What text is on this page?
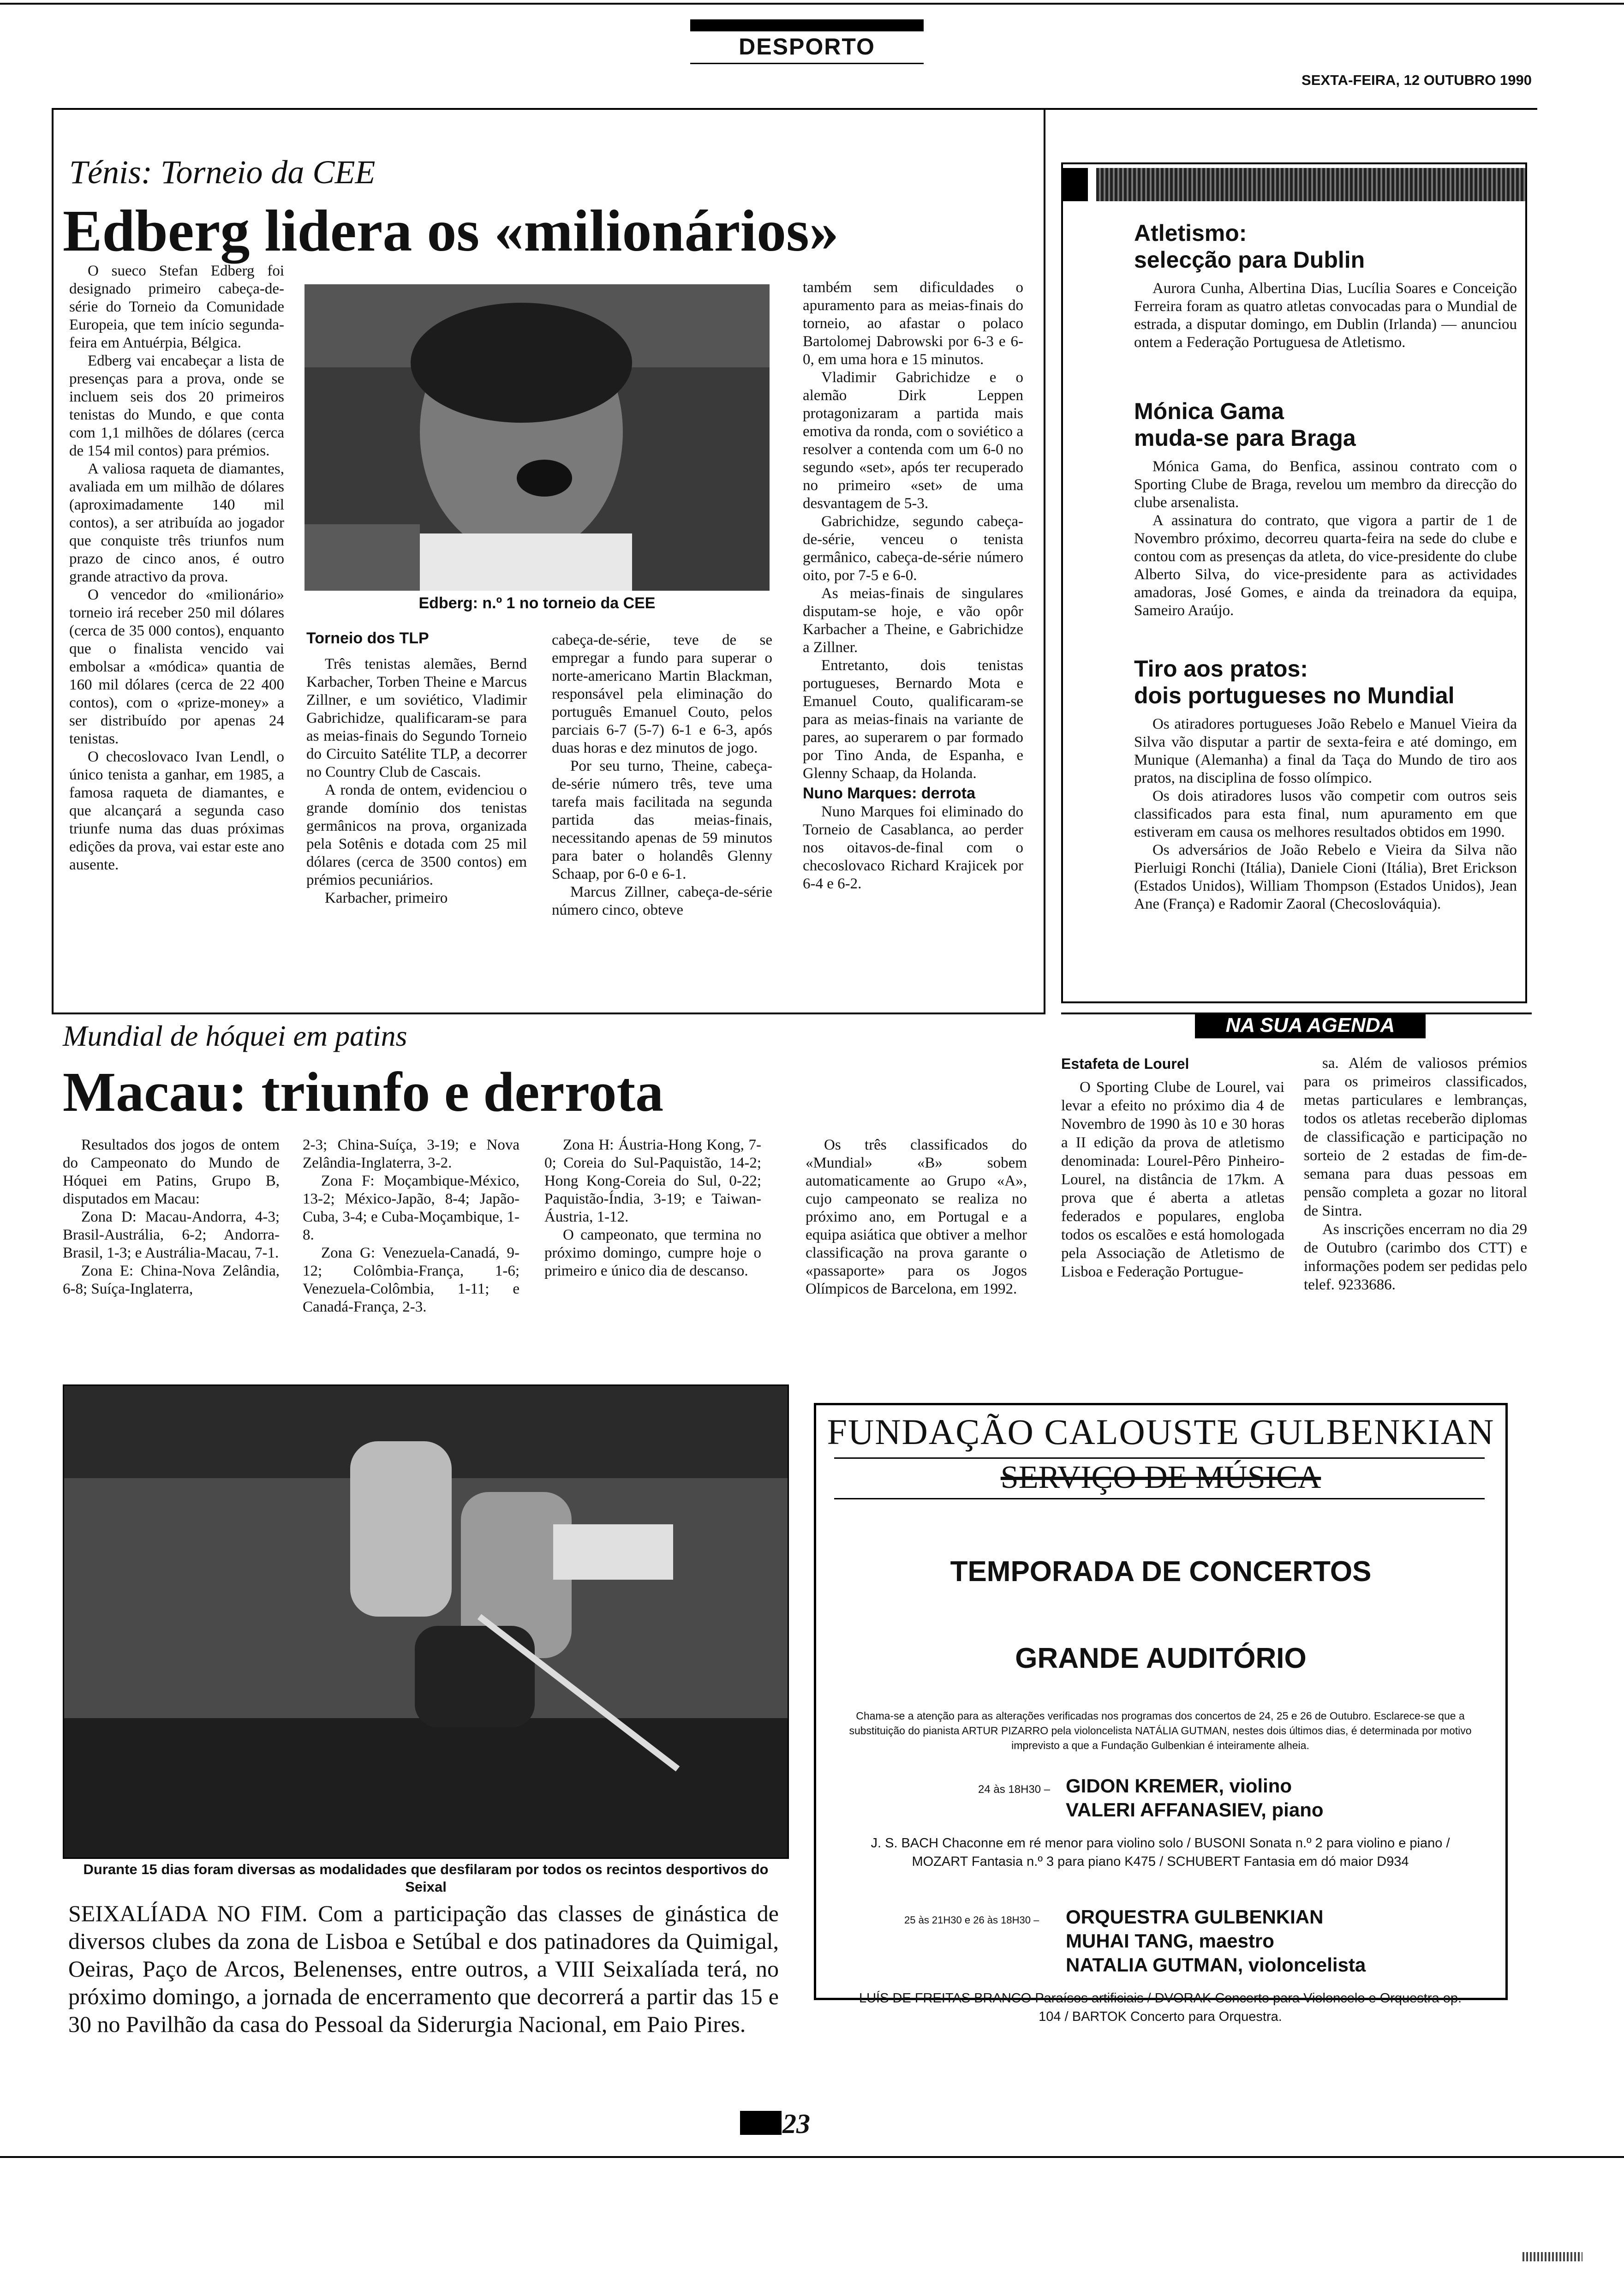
DESPORTO
SEXTA-FEIRA, 12 OUTUBRO 1990
Ténis: Torneio da CEE
Edberg lidera os «milionários»

O sueco Stefan Edberg foi designado primeiro cabeça-de-série do Torneio da Comunidade Europeia, que tem início segunda-feira em Antuérpia, Bélgica.

Edberg vai encabeçar a lista de presenças para a prova, onde se incluem seis dos 20 primeiros tenistas do Mundo, e que conta com 1,1 milhões de dólares (cerca de 154 mil contos) para prémios.

A valiosa raqueta de diamantes, avaliada em um milhão de dólares (aproximadamente 140 mil contos), a ser atribuída ao jogador que conquiste três triunfos num prazo de cinco anos, é outro grande atractivo da prova.

O vencedor do «milionário» torneio irá receber 250 mil dólares (cerca de 35 000 contos), enquanto que o finalista vencido vai embolsar a «módica» quantia de 160 mil dólares (cerca de 22 400 contos), com o «prize-money» a ser distribuído por apenas 24 tenistas.

O checoslovaco Ivan Lendl, o único tenista a ganhar, em 1985, a famosa raqueta de diamantes, e que alcançará a segunda caso triunfe numa das duas próximas edições da prova, vai estar este ano ausente.

Edberg: n.º 1 no torneio da CEE
Torneio dos TLP

Três tenistas alemães, Bernd Karbacher, Torben Theine e Marcus Zillner, e um soviético, Vladimir Gabrichidze, qualificaram-se para as meias-finais do Segundo Torneio do Circuito Satélite TLP, a decorrer no Country Club de Cascais.

A ronda de ontem, evidenciou o grande domínio dos tenistas germânicos na prova, organizada pela Sotênis e dotada com 25 mil dólares (cerca de 3500 contos) em prémios pecuniários.

Karbacher, primeiro

cabeça-de-série, teve de se empregar a fundo para superar o norte-americano Martin Blackman, responsável pela eliminação do português Emanuel Couto, pelos parciais 6-7 (5-7) 6-1 e 6-3, após duas horas e dez minutos de jogo.

Por seu turno, Theine, cabeça-de-série número três, teve uma tarefa mais facilitada na segunda partida das meias-finais, necessitando apenas de 59 minutos para bater o holandês Glenny Schaap, por 6-0 e 6-1.

Marcus Zillner, cabeça-de-série número cinco, obteve

também sem dificuldades o apuramento para as meias-finais do torneio, ao afastar o polaco Bartolomej Dabrowski por 6-3 e 6-0, em uma hora e 15 minutos.

Vladimir Gabrichidze e o alemão Dirk Leppen protagonizaram a partida mais emotiva da ronda, com o soviético a resolver a contenda com um 6-0 no segundo «set», após ter recuperado no primeiro «set» de uma desvantagem de 5-3.

Gabrichidze, segundo cabeça-de-série, venceu o tenista germânico, cabeça-de-série número oito, por 7-5 e 6-0.

As meias-finais de singulares disputam-se hoje, e vão opôr Karbacher a Theine, e Gabrichidze a Zillner.

Entretanto, dois tenistas portugueses, Bernardo Mota e Emanuel Couto, qualificaram-se para as meias-finais na variante de pares, ao superarem o par formado por Tino Anda, de Espanha, e Glenny Schaap, da Holanda.

Nuno Marques: derrota

Nuno Marques foi eliminado do Torneio de Casablanca, ao perder nos oitavos-de-final com o checoslovaco Richard Krajicek por 6-4 e 6-2.

Atletismo:
selecção para Dublin

Aurora Cunha, Albertina Dias, Lucília Soares e Conceição Ferreira foram as quatro atletas convocadas para o Mundial de estrada, a disputar domingo, em Dublin (Irlanda) — anunciou ontem a Federação Portuguesa de Atletismo.

Mónica Gama
muda-se para Braga

Mónica Gama, do Benfica, assinou contrato com o Sporting Clube de Braga, revelou um membro da direcção do clube arsenalista.

A assinatura do contrato, que vigora a partir de 1 de Novembro próximo, decorreu quarta-feira na sede do clube e contou com as presenças da atleta, do vice-presidente do clube Alberto Silva, do vice-presidente para as actividades amadoras, José Gomes, e ainda da treinadora da equipa, Sameiro Araújo.

Tiro aos pratos:
dois portugueses no Mundial

Os atiradores portugueses João Rebelo e Manuel Vieira da Silva vão disputar a partir de sexta-feira e até domingo, em Munique (Alemanha) a final da Taça do Mundo de tiro aos pratos, na disciplina de fosso olímpico.

Os dois atiradores lusos vão competir com outros seis classificados para esta final, num apuramento em que estiveram em causa os melhores resultados obtidos em 1990.

Os adversários de João Rebelo e Vieira da Silva não Pierluigi Ronchi (Itália), Daniele Cioni (Itália), Bret Erickson (Estados Unidos), William Thompson (Estados Unidos), Jean Ane (França) e Radomir Zaoral (Checoslováquia).

Mundial de hóquei em patins
Macau: triunfo e derrota

Resultados dos jogos de ontem do Campeonato do Mundo de Hóquei em Patins, Grupo B, disputados em Macau:

Zona D: Macau-Andorra, 4-3; Brasil-Austrália, 6-2; Andorra-Brasil, 1-3; e Austrália-Macau, 7-1.

Zona E: China-Nova Zelândia, 6-8; Suíça-Inglaterra,

2-3; China-Suíça, 3-19; e Nova Zelândia-Inglaterra, 3-2.

Zona F: Moçambique-México, 13-2; México-Japão, 8-4; Japão-Cuba, 3-4; e Cuba-Moçambique, 1-8.

Zona G: Venezuela-Canadá, 9-12; Colômbia-França, 1-6; Venezuela-Colômbia, 1-11; e Canadá-França, 2-3.

Zona H: Áustria-Hong Kong, 7-0; Coreia do Sul-Paquistão, 14-2; Hong Kong-Coreia do Sul, 0-22; Paquistão-Índia, 3-19; e Taiwan-Áustria, 1-12.

O campeonato, que termina no próximo domingo, cumpre hoje o primeiro e único dia de descanso.

Os três classificados do «Mundial» «B» sobem automaticamente ao Grupo «A», cujo campeonato se realiza no próximo ano, em Portugal e a equipa asiática que obtiver a melhor classificação na prova garante o «passaporte» para os Jogos Olímpicos de Barcelona, em 1992.

NA SUA AGENDA
Estafeta de Lourel

O Sporting Clube de Lourel, vai levar a efeito no próximo dia 4 de Novembro de 1990 às 10 e 30 horas a II edição da prova de atletismo denominada: Lourel-Pêro Pinheiro-Lourel, na distância de 17km. A prova que é aberta a atletas federados e populares, engloba todos os escalões e está homologada pela Associação de Atletismo de Lisboa e Federação Portugue-

sa. Além de valiosos prémios para os primeiros classificados, metas particulares e lembranças, todos os atletas receberão diplomas de classificação e participação no sorteio de 2 estadas de fim-de-semana para duas pessoas em pensão completa a gozar no litoral de Sintra.

As inscrições encerram no dia 29 de Outubro (carimbo dos CTT) e informações podem ser pedidas pelo telef. 9233686.

Durante 15 dias foram diversas as modalidades que desfilaram por todos os recintos desportivos do Seixal
SEIXALÍADA NO FIM. Com a participação das classes de ginástica de diversos clubes da zona de Lisboa e Setúbal e dos patinadores da Quimigal, Oeiras, Paço de Arcos, Belenenses, entre outros, a VIII Seixalíada terá, no próximo domingo, a jornada de encerramento que decorrerá a partir das 15 e 30 no Pavilhão da casa do Pessoal da Siderurgia Nacional, em Paio Pires.
FUNDAÇÃO CALOUSTE GULBENKIAN
SERVIÇO DE MÚSICA
TEMPORADA DE CONCERTOS
GRANDE AUDITÓRIO
Chama-se a atenção para as alterações verificadas nos programas dos concertos de 24, 25 e 26 de Outubro. Esclarece-se que a substituição do pianista ARTUR PIZARRO pela violoncelista NATÁLIA GUTMAN, nestes dois últimos dias, é determinada por motivo imprevisto a que a Fundação Gulbenkian é inteiramente alheia.
24 às 18H30 – GIDON KREMER, violino
VALERI AFFANASIEV, piano
J. S. BACH Chaconne em ré menor para violino solo / BUSONI Sonata n.º 2 para violino e piano / MOZART Fantasia n.º 3 para piano K475 / SCHUBERT Fantasia em dó maior D934
25 às 21H30 e 26 às 18H30 – ORQUESTRA GULBENKIAN
MUHAI TANG, maestro
NATALIA GUTMAN, violoncelista
LUÍS DE FREITAS BRANCO Paraísos artificiais / DVORAK Concerto para Violoncelo e Orquestra op. 104 / BARTOK Concerto para Orquestra.
23
